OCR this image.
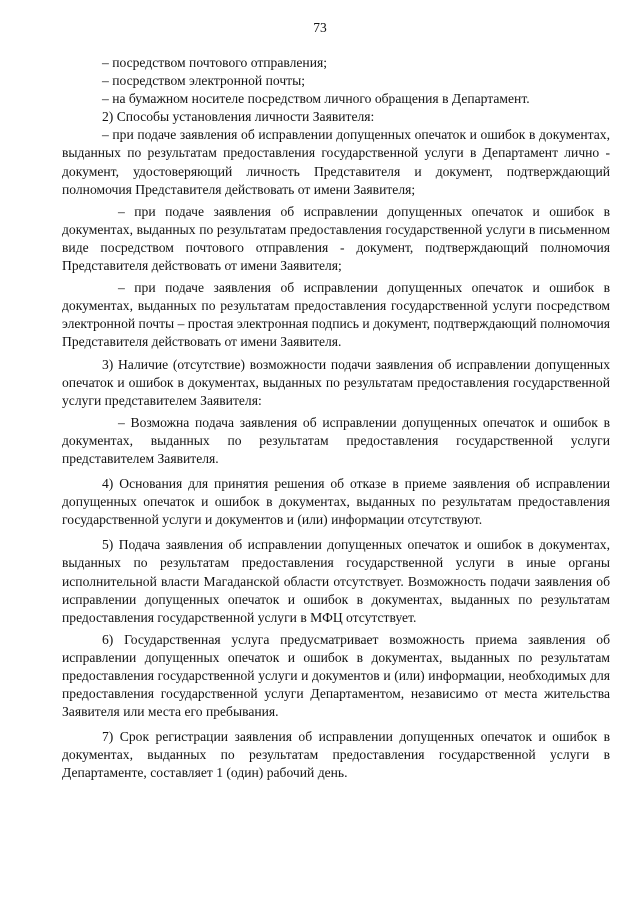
73

– посредством почтового отправления;

– посредством электронной почты;

– на бумажном носителе посредством личного обращения в Департамент.

2) Способы установления личности Заявителя:

– при подаче заявления об исправлении допущенных опечаток и ошибок в документах, выданных по результатам предоставления государственной услуги в Департамент лично - документ, удостоверяющий личность Представителя и документ, подтверждающий полномочия Представителя действовать от имени Заявителя;

– при подаче заявления об исправлении допущенных опечаток и ошибок в документах, выданных по результатам предоставления государственной услуги в письменном виде посредством почтового отправления - документ, подтверждающий полномочия Представителя действовать от имени Заявителя;

– при подаче заявления об исправлении допущенных опечаток и ошибок в документах, выданных по результатам предоставления государственной услуги посредством электронной почты – простая электронная подпись и документ, подтверждающий полномочия Представителя действовать от имени Заявителя.

3) Наличие (отсутствие) возможности подачи заявления об исправлении допущенных опечаток и ошибок в документах, выданных по результатам предоставления государственной услуги представителем Заявителя:

– Возможна подача заявления об исправлении допущенных опечаток и ошибок в документах, выданных по результатам предоставления государственной услуги представителем Заявителя.

4) Основания для принятия решения об отказе в приеме заявления об исправлении допущенных опечаток и ошибок в документах, выданных по результатам предоставления государственной услуги и документов и (или) информации отсутствуют.

5) Подача заявления об исправлении допущенных опечаток и ошибок в документах, выданных по результатам предоставления государственной услуги в иные органы исполнительной власти Магаданской области отсутствует. Возможность подачи заявления об исправлении допущенных опечаток и ошибок в документах, выданных по результатам предоставления государственной услуги в МФЦ отсутствует.

6) Государственная услуга предусматривает возможность приема заявления об исправлении допущенных опечаток и ошибок в документах, выданных по результатам предоставления государственной услуги и документов и (или) информации, необходимых для предоставления государственной услуги Департаментом, независимо от места жительства Заявителя или места его пребывания.

7) Срок регистрации заявления об исправлении допущенных опечаток и ошибок в документах, выданных по результатам предоставления государственной услуги в Департаменте, составляет 1 (один) рабочий день.
